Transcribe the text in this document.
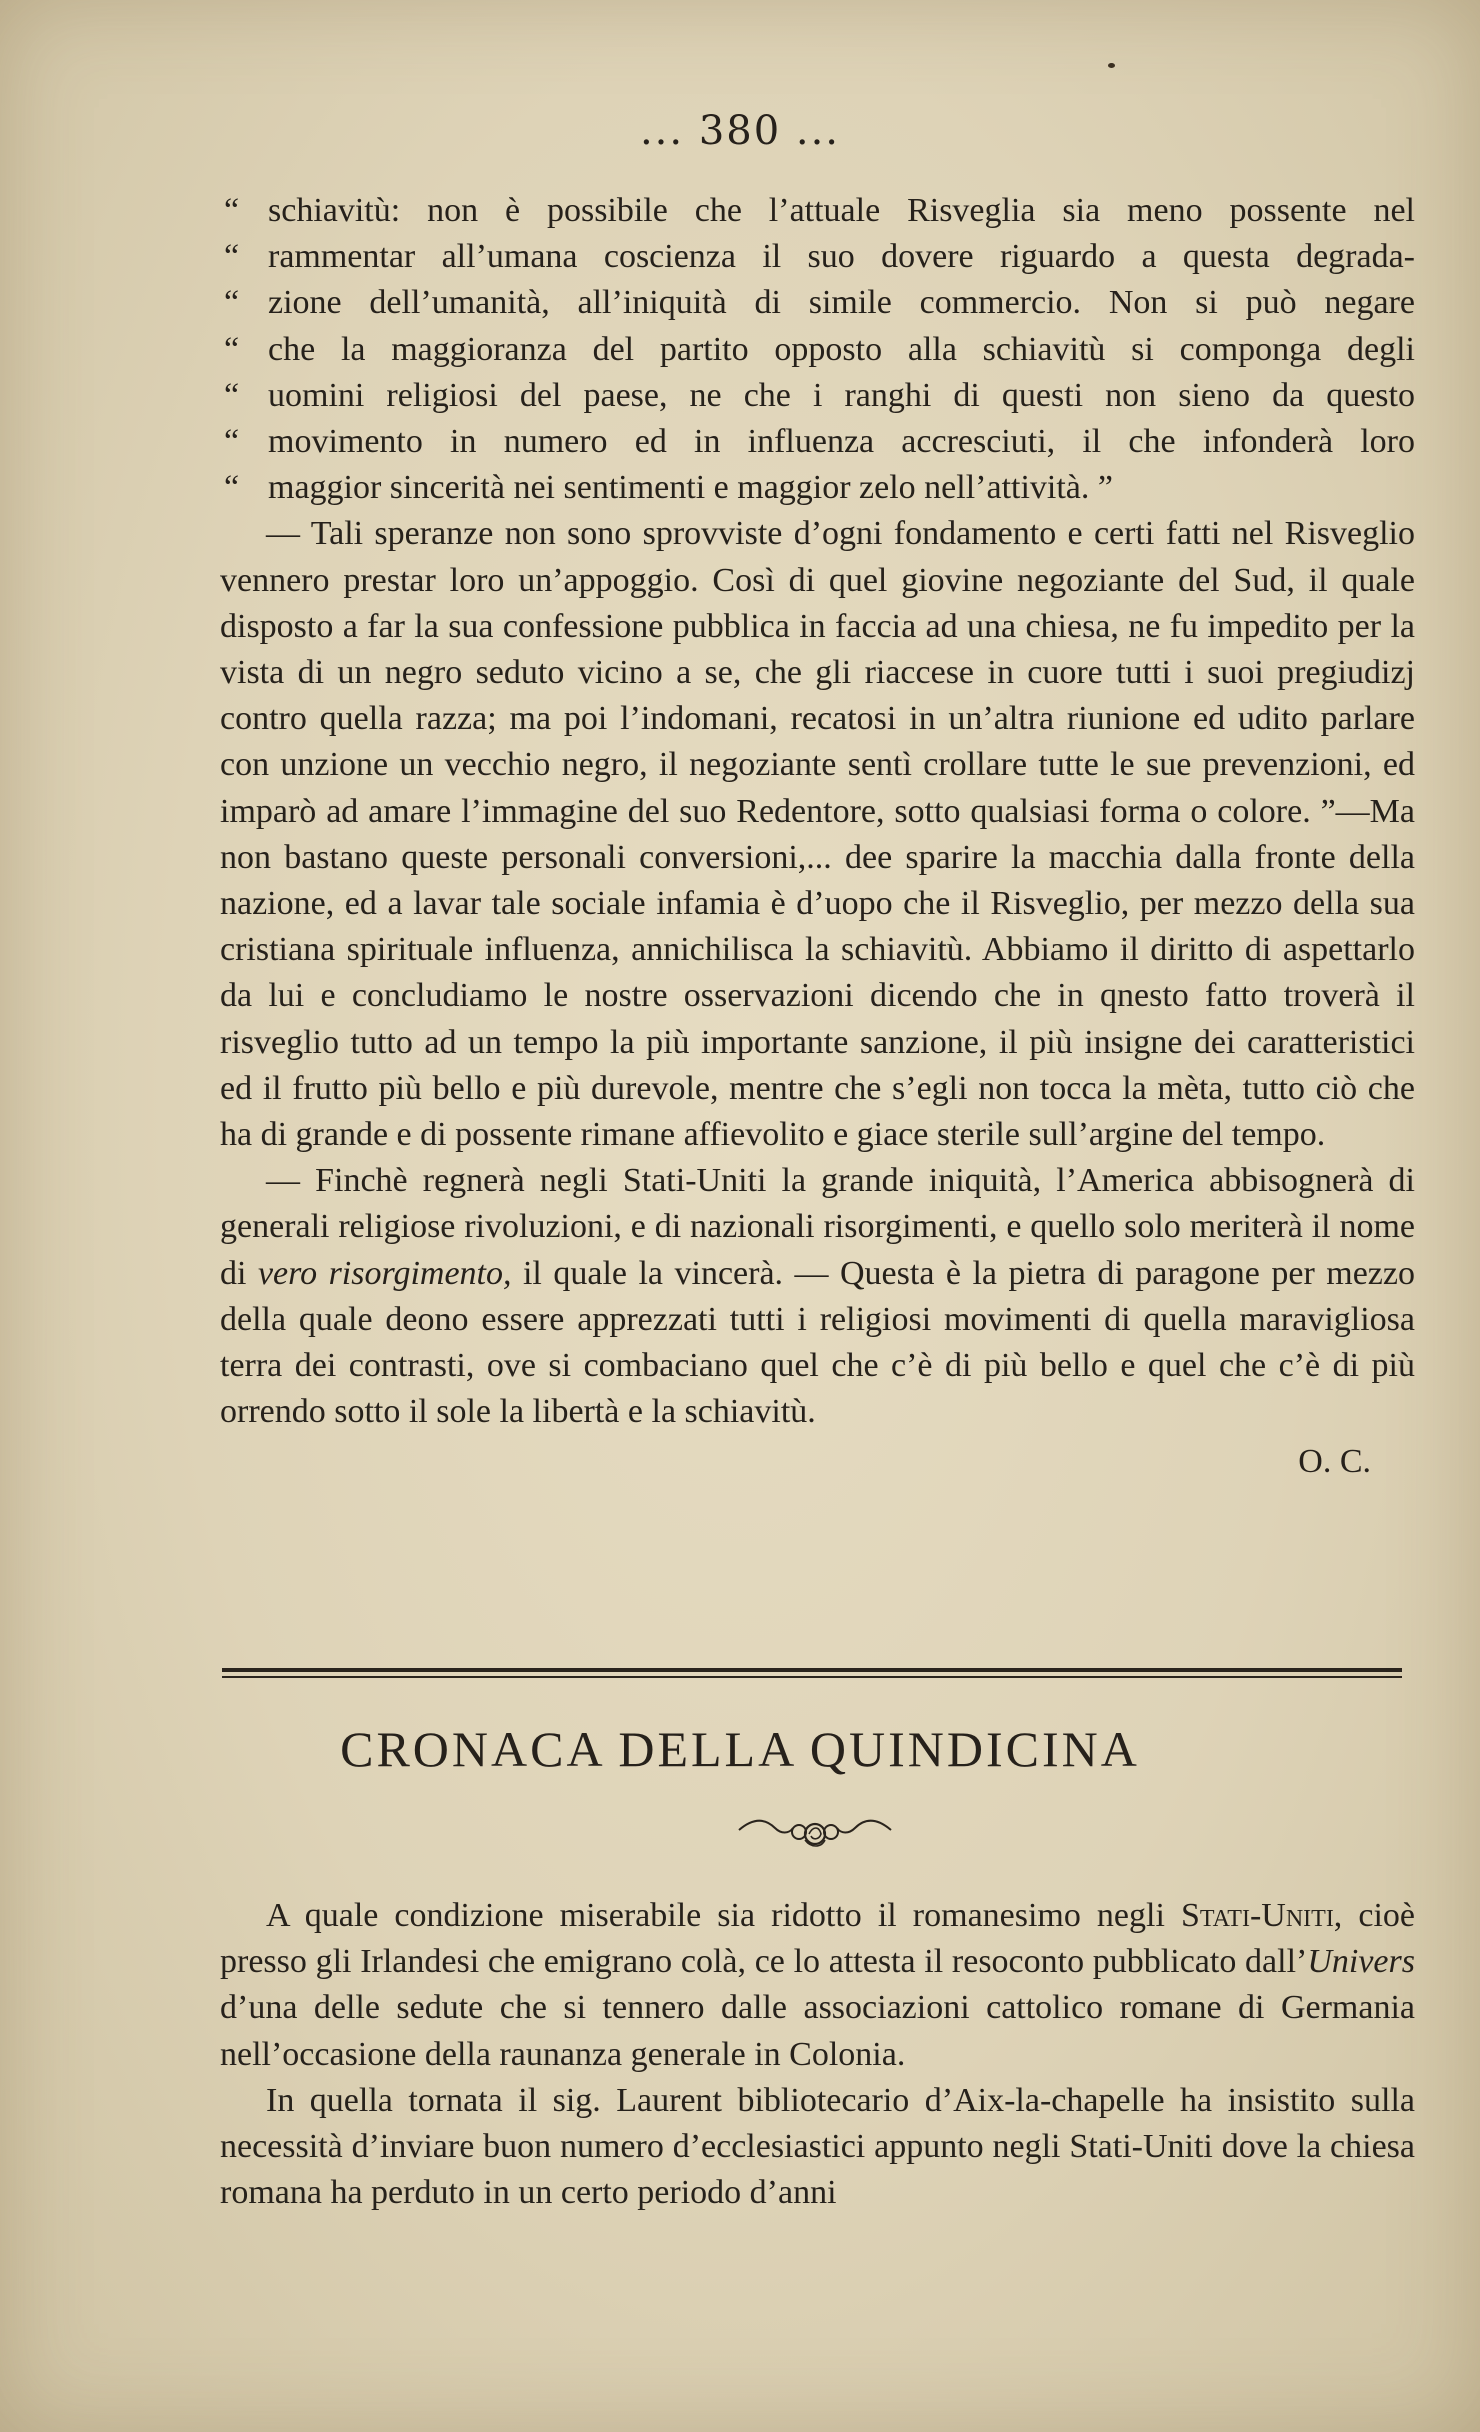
... 380 ...
“ schiavitù: non è possibile che l’attuale Risveglia sia meno possente nel
“ rammentar all’umana coscienza il suo dovere riguardo a questa degrada-
“ zione dell’umanità, all’iniquità di simile commercio. Non si può negare
“ che la maggioranza del partito opposto alla schiavitù si componga degli
“ uomini religiosi del paese, ne che i ranghi di questi non sieno da questo
“ movimento in numero ed in influenza accresciuti, il che infonderà loro
“ maggior sincerità nei sentimenti e maggior zelo nell’attività. ”

— Tali speranze non sono sprovviste d’ogni fondamento e certi fatti nel Risveglio vennero prestar loro un’appoggio. Così di quel giovine negoziante del Sud, il quale disposto a far la sua confessione pubblica in faccia ad una chiesa, ne fu impedito per la vista di un negro seduto vicino a se, che gli riaccese in cuore tutti i suoi pregiudizj contro quella razza; ma poi l’indomani, recatosi in un’altra riunione ed udito parlare con unzione un vecchio negro, il negoziante sentì crollare tutte le sue prevenzioni, ed imparò ad amare l’immagine del suo Redentore, sotto qualsiasi forma o colore. ”—Ma non bastano queste personali conversioni,... dee sparire la macchia dalla fronte della nazione, ed a lavar tale sociale infamia è d’uopo che il Risveglio, per mezzo della sua cristiana spirituale influenza, annichilisca la schiavitù. Abbiamo il diritto di aspettarlo da lui e concludiamo le nostre osservazioni dicendo che in qnesto fatto troverà il risveglio tutto ad un tempo la più importante sanzione, il più insigne dei caratteristici ed il frutto più bello e più durevole, mentre che s’egli non tocca la mèta, tutto ciò che ha di grande e di possente rimane affievolito e giace sterile sull’argine del tempo.

— Finchè regnerà negli Stati-Uniti la grande iniquità, l’America abbisognerà di generali religiose rivoluzioni, e di nazionali risorgimenti, e quello solo meriterà il nome di vero risorgimento, il quale la vincerà. — Questa è la pietra di paragone per mezzo della quale deono essere apprezzati tutti i religiosi movimenti di quella maravigliosa terra dei contrasti, ove si combaciano quel che c’è di più bello e quel che c’è di più orrendo sotto il sole la libertà e la schiavitù.

O. C.
CRONACA DELLA QUINDICINA

A quale condizione miserabile sia ridotto il romanesimo negli Stati-Uniti, cioè presso gli Irlandesi che emigrano colà, ce lo attesta il resoconto pubblicato dall’Univers d’una delle sedute che si tennero dalle associazioni cattolico romane di Germania nell’occasione della raunanza generale in Colonia.

In quella tornata il sig. Laurent bibliotecario d’Aix-la-chapelle ha insistito sulla necessità d’inviare buon numero d’ecclesiastici appunto negli Stati-Uniti dove la chiesa romana ha perduto in un certo periodo d’anni
